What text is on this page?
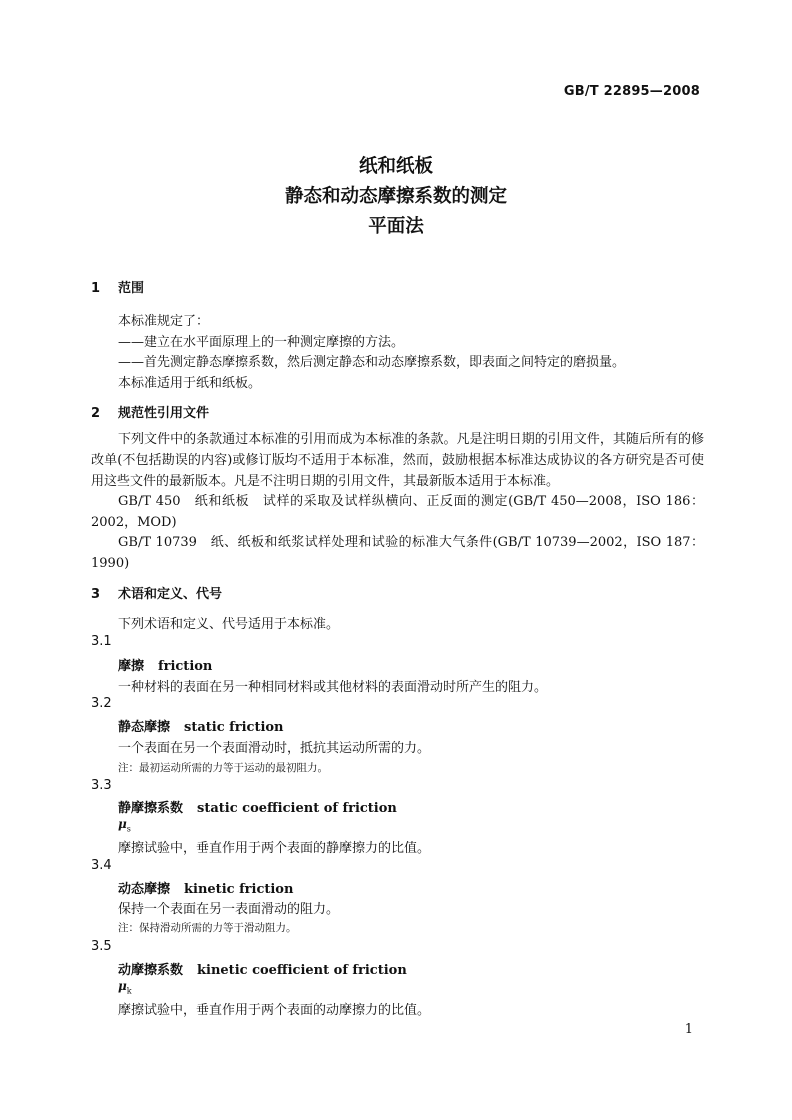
GB/T 22895—2008
纸和纸板
静态和动态摩擦系数的测定
平面法
1 范围
本标准规定了：
——建立在水平面原理上的一种测定摩擦的方法。
——首先测定静态摩擦系数，然后测定静态和动态摩擦系数，即表面之间特定的磨损量。
本标准适用于纸和纸板。
2 规范性引用文件
下列文件中的条款通过本标准的引用而成为本标准的条款。凡是注明日期的引用文件，其随后所有的修改单(不包括勘误的内容)或修订版均不适用于本标准，然而，鼓励根据本标准达成协议的各方研究是否可使用这些文件的最新版本。凡是不注明日期的引用文件，其最新版本适用于本标准。
GB/T 450　纸和纸板　试样的采取及试样纵横向、正反面的测定(GB/T 450—2008，ISO 186：2002，MOD)
GB/T 10739　纸、纸板和纸浆试样处理和试验的标准大气条件(GB/T 10739—2002，ISO 187：1990)
3 术语和定义、代号
下列术语和定义、代号适用于本标准。
3.1
摩擦 friction
一种材料的表面在另一种相同材料或其他材料的表面滑动时所产生的阻力。
3.2
静态摩擦 static friction
一个表面在另一个表面滑动时，抵抗其运动所需的力。
注：最初运动所需的力等于运动的最初阻力。
3.3
静摩擦系数 static coefficient of friction
$\mu_s$
摩擦试验中，垂直作用于两个表面的静摩擦力的比值。
3.4
动态摩擦 kinetic friction
保持一个表面在另一表面滑动的阻力。
注：保持滑动所需的力等于滑动阻力。
3.5
动摩擦系数 kinetic coefficient of friction
$\mu_k$
摩擦试验中，垂直作用于两个表面的动摩擦力的比值。
1
